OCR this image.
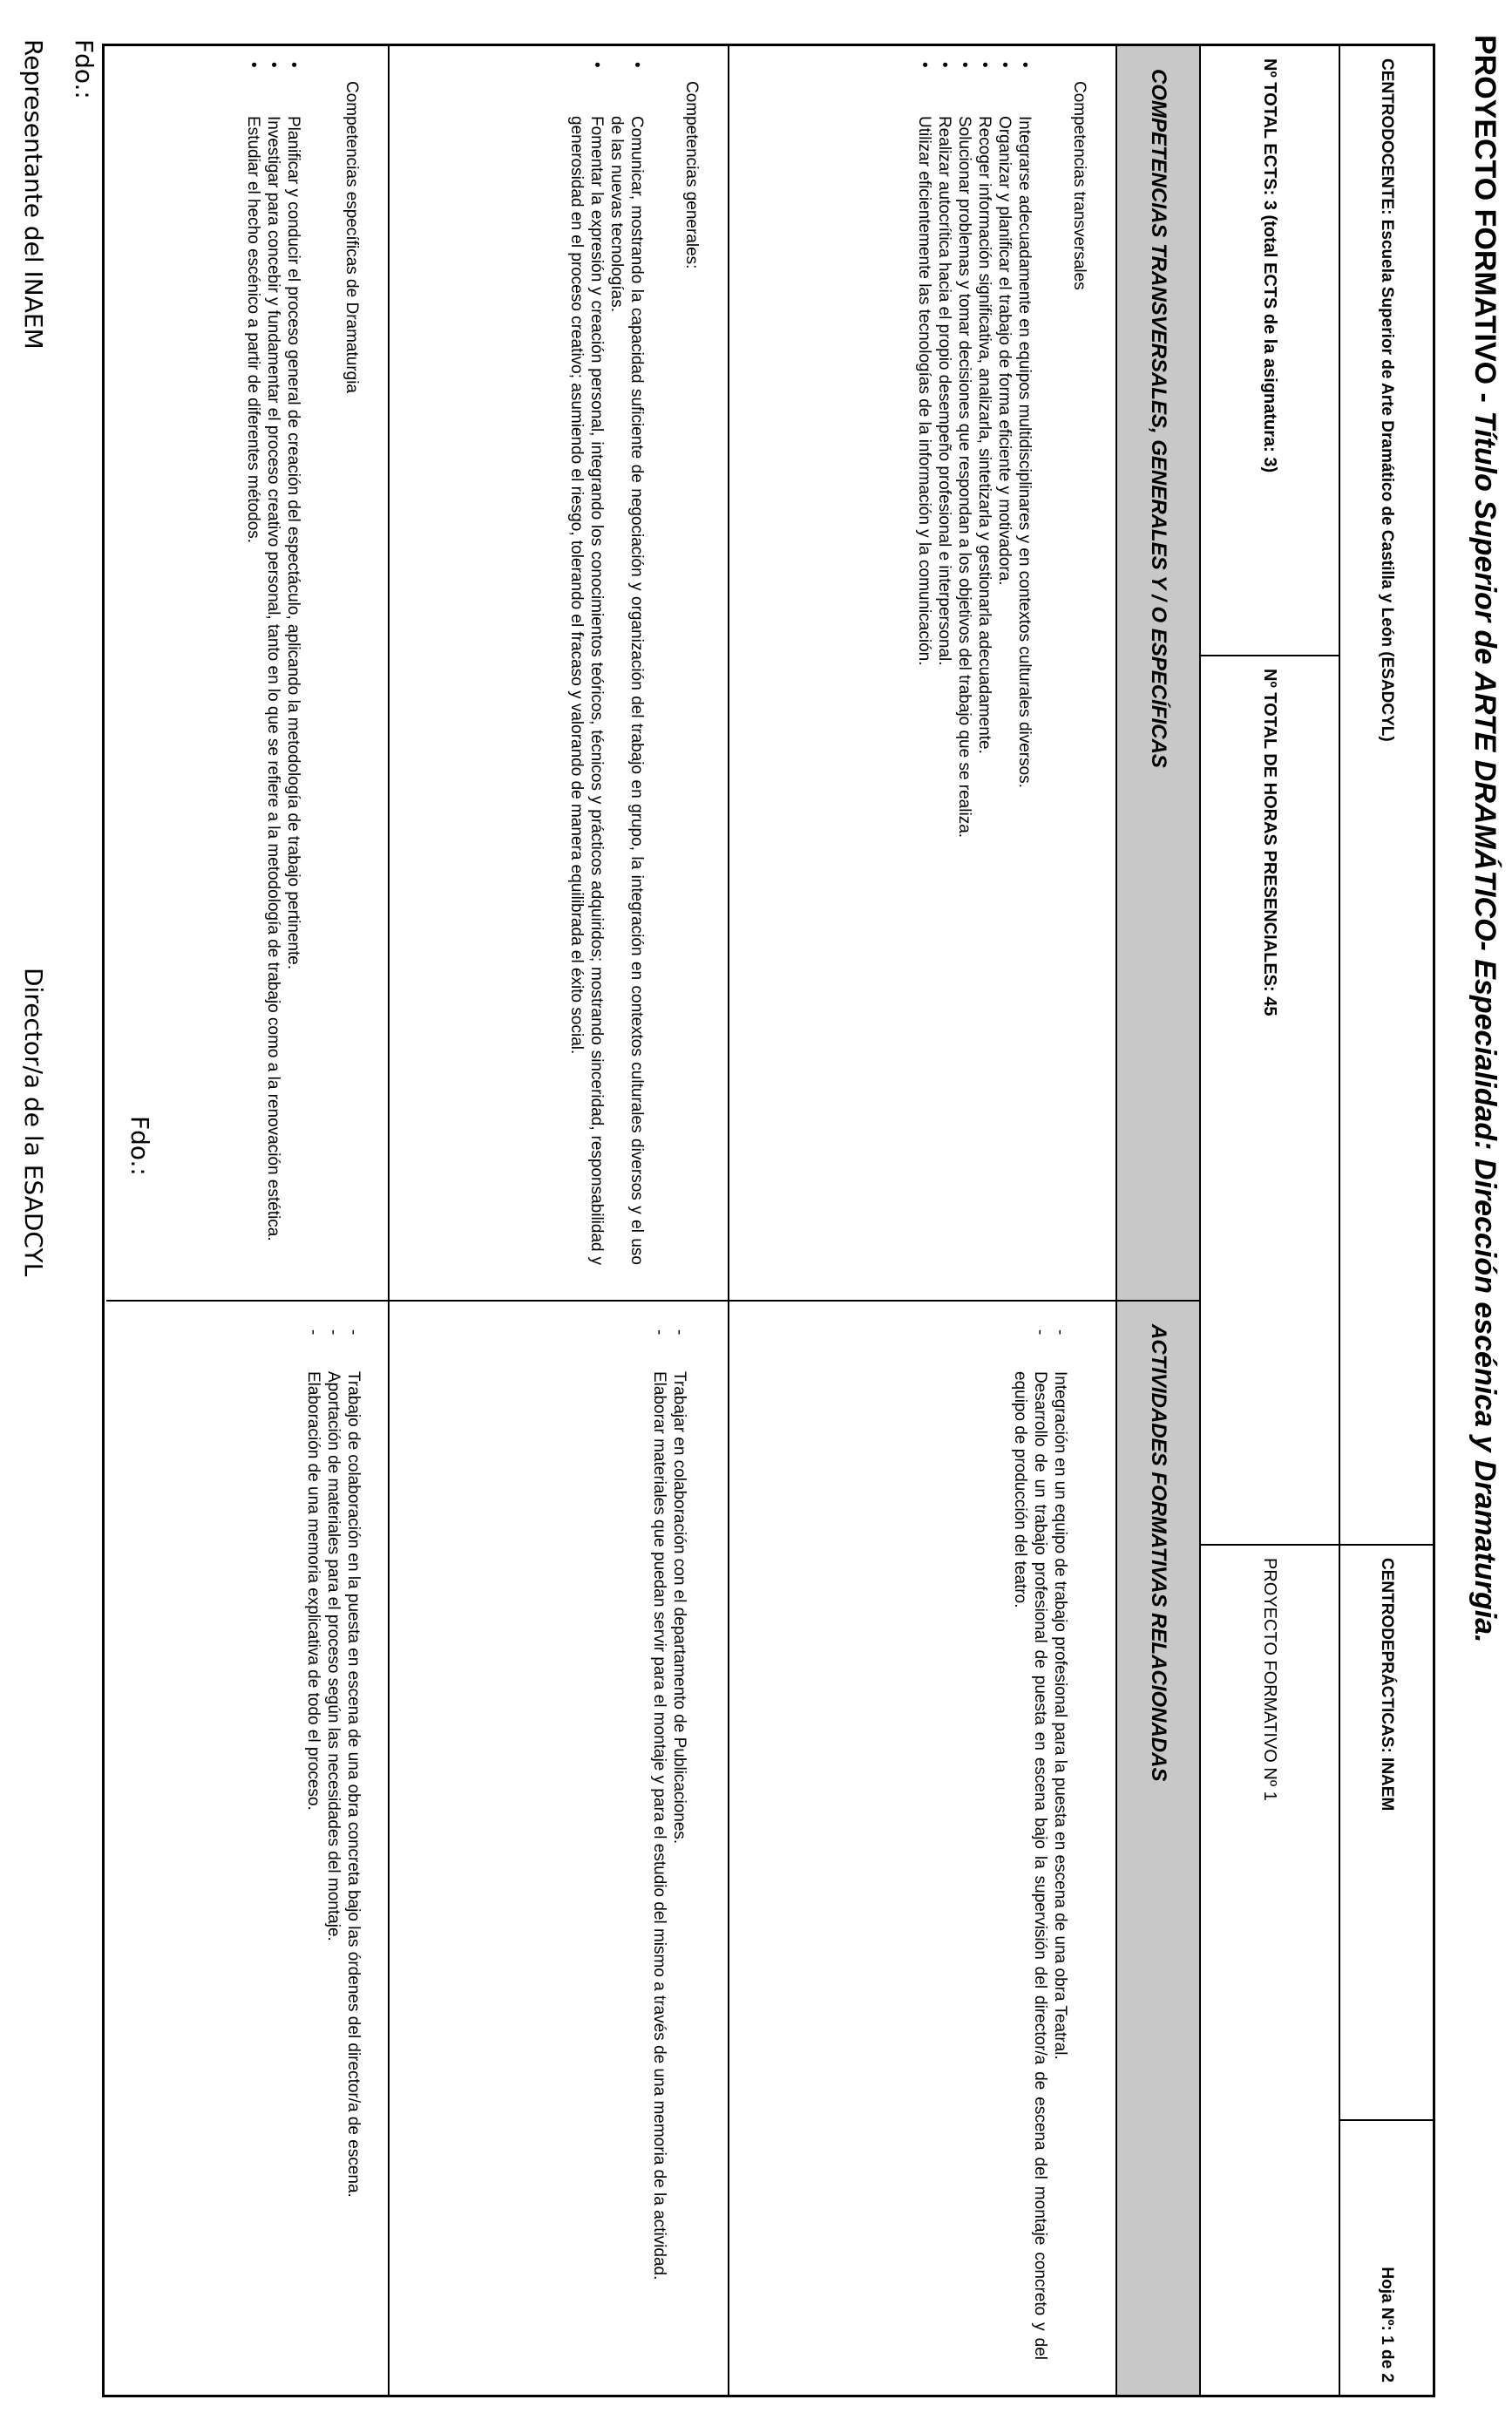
PROYECTO FORMATIVO - Título Superior de ARTE DRAMÁTICO- Especialidad: Dirección escénica y Dramaturgia.
CENTRODOCENTE: Escuela Superior de Arte Dramático de Castilla y León (ESADCYL)
CENTRODEPRÁCTICAS: INAEM
Hoja Nº: 1 de 2
Nº TOTAL ECTS: 3 (total ECTS de la asignatura: 3)
Nº TOTAL DE HORAS PRESENCIALES: 45
PROYECTO FORMATIVO Nº 1
COMPETENCIAS TRANSVERSALES, GENERALES Y / O ESPECÍFICAS
ACTIVIDADES FORMATIVAS RELACIONADAS
Competencias transversales
• Integrarse adecuadamente en equipos multidisciplinares y en contextos culturales diversos.
• Organizar y planificar el trabajo de forma eficiente y motivadora.
• Recoger información significativa, analizarla, sintetizarla y gestionarla adecuadamente.
• Solucionar problemas y tomar decisiones que respondan a los objetivos del trabajo que se realiza.
• Realizar autocrítica hacia el propio desempeño profesional e interpersonal.
• Utilizar eficientemente las tecnologías de la información y la comunicación.
- Integración en un equipo de trabajo profesional para la puesta en escena de una obra Teatral.
- Desarrollo de un trabajo profesional de puesta en escena bajo la supervisión del director/a de escena del montaje concreto y del equipo de producción del teatro.
Competencias generales:
• Comunicar, mostrando la capacidad suficiente de negociación y organización del trabajo en grupo, la integración en contextos culturales diversos y el uso de las nuevas tecnologías.
• Fomentar la expresión y creación personal, integrando los conocimientos teóricos, técnicos y prácticos adquiridos; mostrando sinceridad, responsabilidad y generosidad en el proceso creativo; asumiendo el riesgo, tolerando el fracaso y valorando de manera equilibrada el éxito social.
- Trabajar en colaboración con el departamento de Publicaciones.
- Elaborar materiales que puedan servir para el montaje y para el estudio del mismo a través de una memoria de la actividad.
Competencias específicas de Dramaturgia
• Planificar y conducir el proceso general de creación del espectáculo, aplicando la metodología de trabajo pertinente.
• Investigar para concebir y fundamentar el proceso creativo personal, tanto en lo que se refiere a la metodología de trabajo como a la renovación estética.
• Estudiar el hecho escénico a partir de diferentes métodos.
- Trabajo de colaboración en la puesta en escena de una obra concreta bajo las órdenes del director/a de escena.
- Aportación de materiales para el proceso según las necesidades del montaje.
- Elaboración de una memoria explicativa de todo el proceso.
Fdo.:
Representante del INAEM
Fdo.:
Director/a de la ESADCYL
